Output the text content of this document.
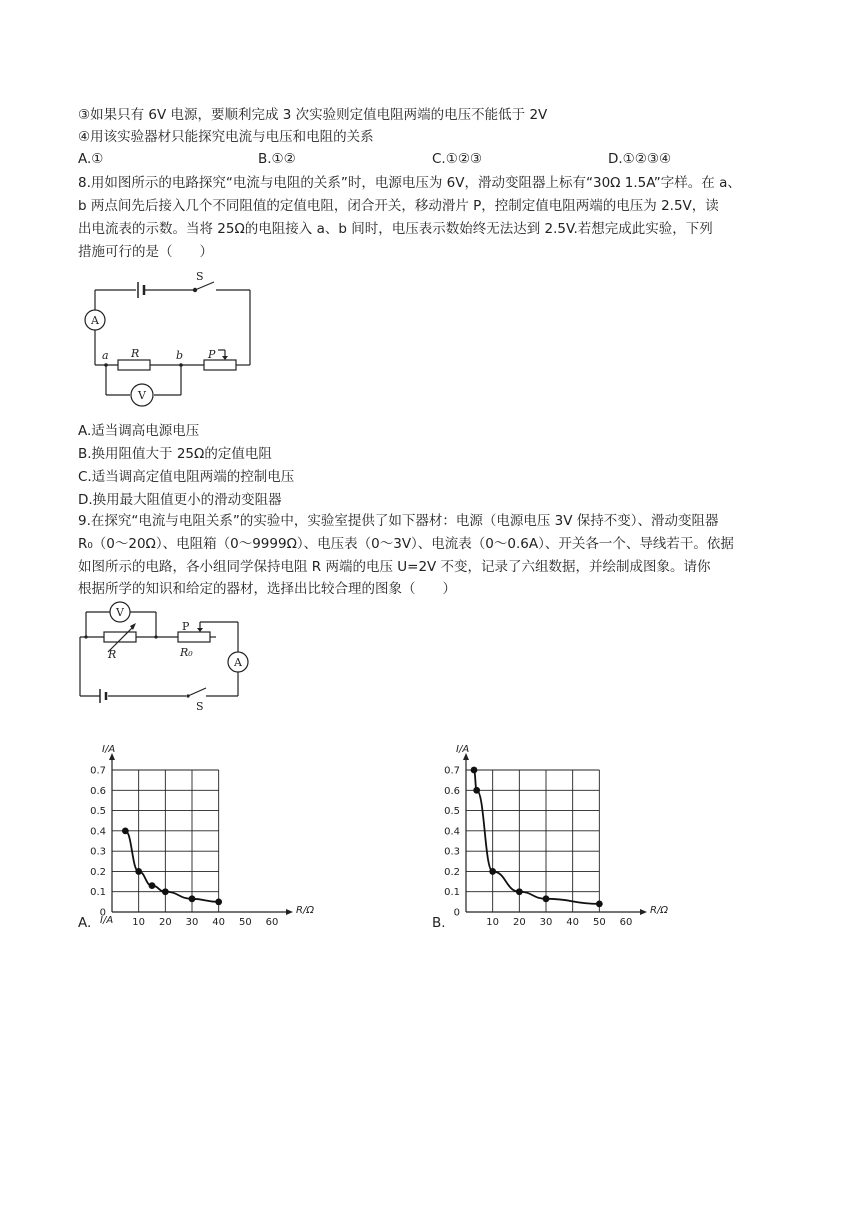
③如果只有 6V 电源，要顺利完成 3 次实验则定值电阻两端的电压不能低于 2V
④用该实验器材只能探究电流与电压和电阻的关系
A.①	B.①②	C.①②③	D.①②③④
8.用如图所示的电路探究“电流与电阻的关系”时，电源电压为 6V，滑动变阻器上标有“30Ω 1.5A”字样。在 a、
b 两点间先后接入几个不同阻值的定值电阻，闭合开关，移动滑片 P，控制定值电阻两端的电压为 2.5V，读
出电流表的示数。当将 25Ω的电阻接入 a、b 间时，电压表示数始终无法达到 2.5V.若想完成此实验，下列
措施可行的是（　　）
A
V
S
a	b
R	P
A.适当调高电源电压
B.换用阻值大于 25Ω的定值电阻
C.适当调高定值电阻两端的控制电压
D.换用最大阻值更小的滑动变阻器
9.在探究“电流与电阻关系”的实验中，实验室提供了如下器材：电源（电源电压 3V 保持不变）、滑动变阻器
R₀（0～20Ω）、电阻箱（0～9999Ω）、电压表（0～3V）、电流表（0～0.6A）、开关各一个、导线若干。依据
如图所示的电路，各小组同学保持电阻 R 两端的电压 U=2V 不变，记录了六组数据，并绘制成图象。请你
根据所学的知识和给定的器材，选择出比较合理的图象（　　）
V
A
R
P
R₀
S
0
0.1
0.2
0.3
0.4
0.5
0.6
0.7
10 20 30 40 50 60
I/A
R/Ω
I/A
A.
0
0.1
0.2
0.3
0.4
0.5
0.6
0.7
10 20 30 40 50 60
I/A
R/Ω
B.
